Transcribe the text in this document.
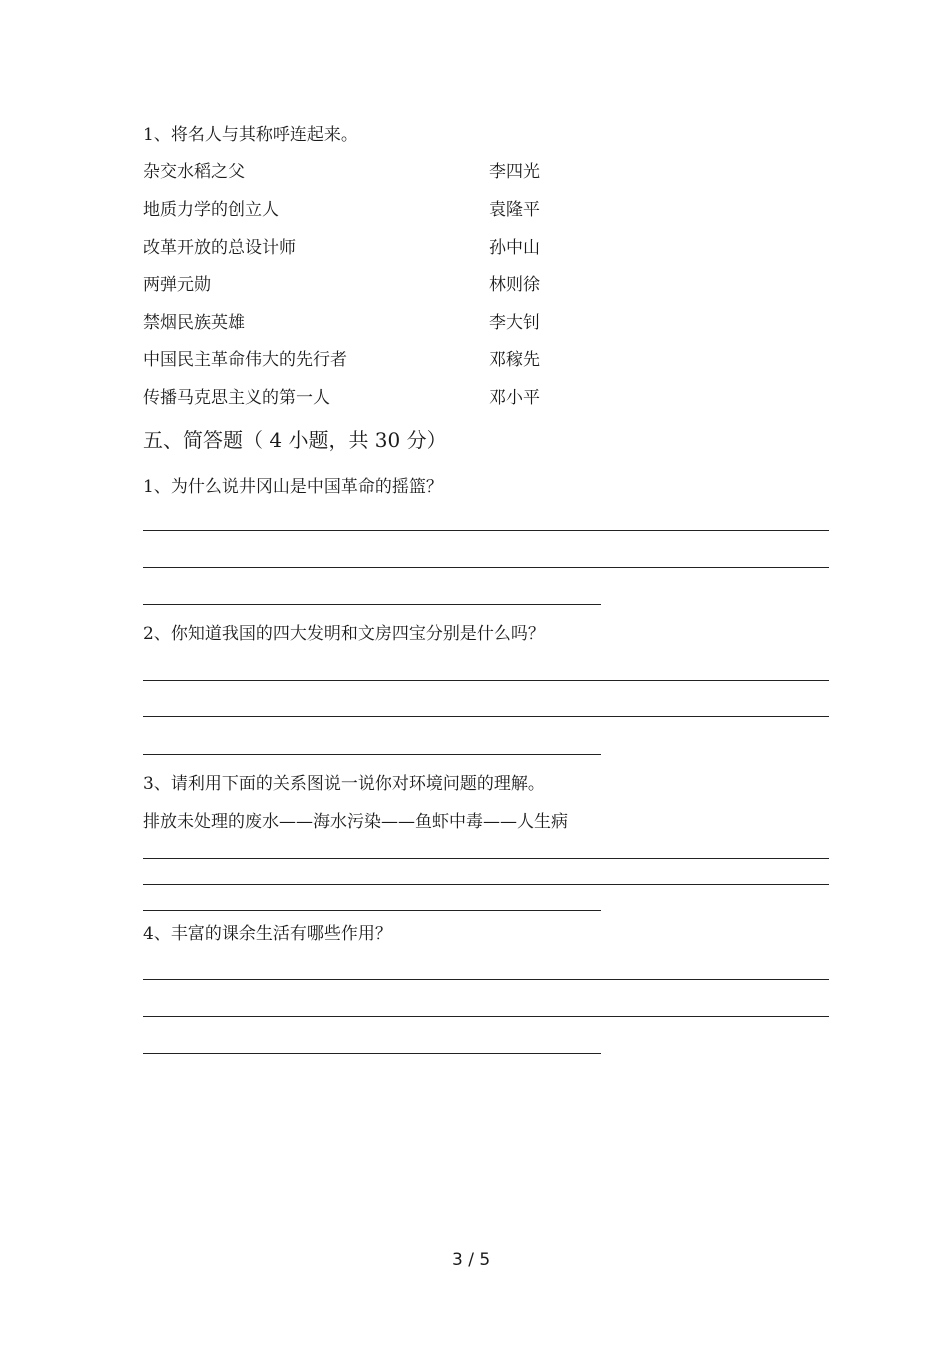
1、将名人与其称呼连起来。
杂交水稻之父
地质力学的创立人
改革开放的总设计师
两弹元勋
禁烟民族英雄
中国民主革命伟大的先行者
传播马克思主义的第一人
李四光
袁隆平
孙中山
林则徐
李大钊
邓稼先
邓小平
五、简答题（ 4 小题，共 30 分）
1、为什么说井冈山是中国革命的摇篮？
2、你知道我国的四大发明和文房四宝分别是什么吗？
3、请利用下面的关系图说一说你对环境问题的理解。
排放未处理的废水——海水污染——鱼虾中毒——人生病
4、丰富的课余生活有哪些作用？
3 / 5
